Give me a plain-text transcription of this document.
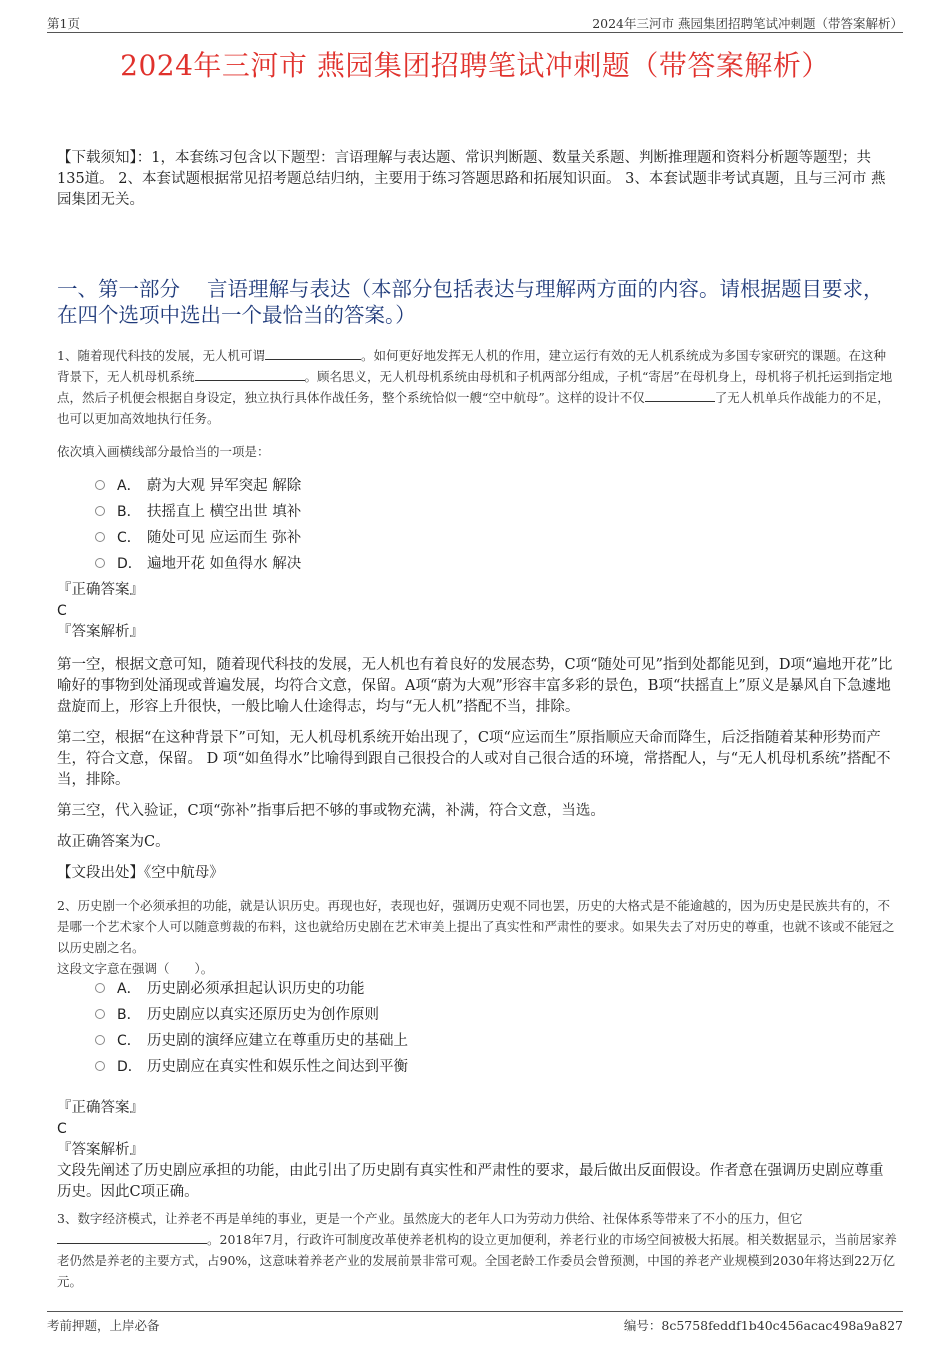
第1页	2024年三河市 燕园集团招聘笔试冲刺题（带答案解析）
2024年三河市 燕园集团招聘笔试冲刺题（带答案解析）
【下载须知】：1，本套练习包含以下题型：言语理解与表达题、常识判断题、数量关系题、判断推理题和资料分析题等题型；共135道。 2、本套试题根据常见招考题总结归纳，主要用于练习答题思路和拓展知识面。 3、本套试题非考试真题，且与三河市 燕园集团无关。
一、第一部分　 言语理解与表达（本部分包括表达与理解两方面的内容。请根据题目要求，在四个选项中选出一个最恰当的答案。）
1、随着现代科技的发展，无人机可谓	。如何更好地发挥无人机的作用，建立运行有效的无人机系统成为多国专家研究的课题。在这种背景下，无人机母机系统	。顾名思义，无人机母机系统由母机和子机两部分组成，子机“寄居”在母机身上，母机将子机托运到指定地点，然后子机便会根据自身设定，独立执行具体作战任务，整个系统恰似一艘“空中航母”。这样的设计不仅	了无人机单兵作战能力的不足，也可以更加高效地执行任务。
依次填入画横线部分最恰当的一项是：
A． 蔚为大观 异军突起 解除
B． 扶摇直上 横空出世 填补
C． 随处可见 应运而生 弥补
D． 遍地开花 如鱼得水 解决
『正确答案』
C
『答案解析』

第一空，根据文意可知，随着现代科技的发展，无人机也有着良好的发展态势，C项“随处可见”指到处都能见到，D项“遍地开花”比喻好的事物到处涌现或普遍发展，均符合文意，保留。A项“蔚为大观”形容丰富多彩的景色，B项“扶摇直上”原义是暴风自下急遽地盘旋而上，形容上升很快，一般比喻人仕途得志，均与“无人机”搭配不当，排除。

第二空，根据“在这种背景下”可知，无人机母机系统开始出现了，C项“应运而生”原指顺应天命而降生，后泛指随着某种形势而产生，符合文意，保留。 D 项“如鱼得水”比喻得到跟自己很投合的人或对自己很合适的环境，常搭配人，与“无人机母机系统”搭配不当，排除。

第三空，代入验证，C项“弥补”指事后把不够的事或物充满，补满，符合文意，当选。

故正确答案为C。

【文段出处】《空中航母》

2、历史剧一个必须承担的功能，就是认识历史。再现也好，表现也好，强调历史观不同也罢，历史的大格式是不能逾越的，因为历史是民族共有的，不是哪一个艺术家个人可以随意剪裁的布料，这也就给历史剧在艺术审美上提出了真实性和严肃性的要求。如果失去了对历史的尊重，也就不该或不能冠之以历史剧之名。
这段文字意在强调（　　）。
A． 历史剧必须承担起认识历史的功能
B． 历史剧应以真实还原历史为创作原则
C． 历史剧的演绎应建立在尊重历史的基础上
D． 历史剧应在真实性和娱乐性之间达到平衡
『正确答案』
C
『答案解析』
文段先阐述了历史剧应承担的功能，由此引出了历史剧有真实性和严肃性的要求，最后做出反面假设。作者意在强调历史剧应尊重历史。因此C项正确。
3、数字经济模式，让养老不再是单纯的事业，更是一个产业。虽然庞大的老年人口为劳动力供给、社保体系等带来了不小的压力，但它。2018年7月，行政许可制度改革使养老机构的设立更加便利，养老行业的市场空间被极大拓展。相关数据显示，当前居家养老仍然是养老的主要方式，占90%，这意味着养老产业的发展前景非常可观。全国老龄工作委员会曾预测，中国的养老产业规模到2030年将达到22万亿元。
考前押题，上岸必备	编号：8c5758feddf1b40c456acac498a9a827
